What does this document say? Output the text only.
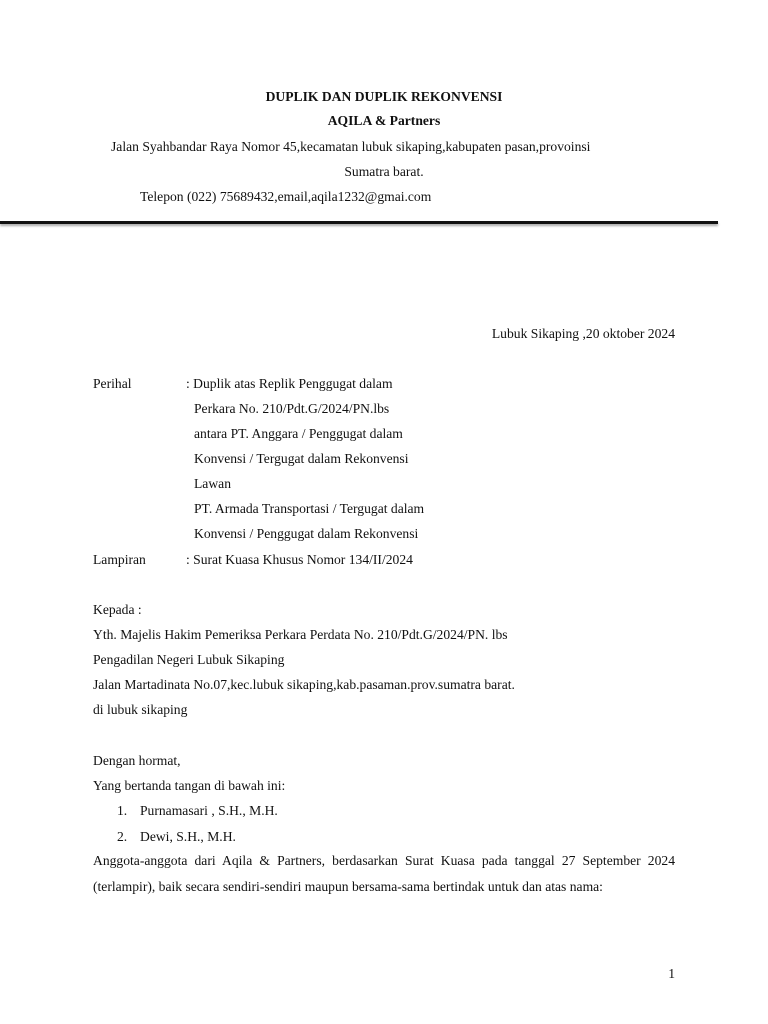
DUPLIK DAN DUPLIK REKONVENSI
AQILA & Partners
Jalan Syahbandar Raya Nomor 45,kecamatan lubuk sikaping,kabupaten pasan,provoinsi
Sumatra barat.
Telepon (022) 75689432,email,aqila1232@gmai.com
Lubuk Sikaping ,20 oktober 2024
Perihal	: Duplik atas Replik Penggugat dalam
Perkara No. 210/Pdt.G/2024/PN.lbs
antara PT. Anggara / Penggugat dalam
Konvensi / Tergugat dalam Rekonvensi
Lawan
PT. Armada Transportasi / Tergugat dalam
Konvensi / Penggugat dalam Rekonvensi
Lampiran	: Surat Kuasa Khusus Nomor 134/II/2024
Kepada :
Yth. Majelis Hakim Pemeriksa Perkara Perdata No. 210/Pdt.G/2024/PN. lbs
Pengadilan Negeri Lubuk Sikaping
Jalan Martadinata No.07,kec.lubuk sikaping,kab.pasaman.prov.sumatra barat.
di lubuk sikaping
Dengan hormat,
Yang bertanda tangan di bawah ini:
1. Purnamasari , S.H., M.H.
2. Dewi, S.H., M.H.
Anggota-anggota dari Aqila & Partners, berdasarkan Surat Kuasa pada tanggal 27 September 2024 (terlampir), baik secara sendiri-sendiri maupun bersama-sama bertindak untuk dan atas nama:
1
